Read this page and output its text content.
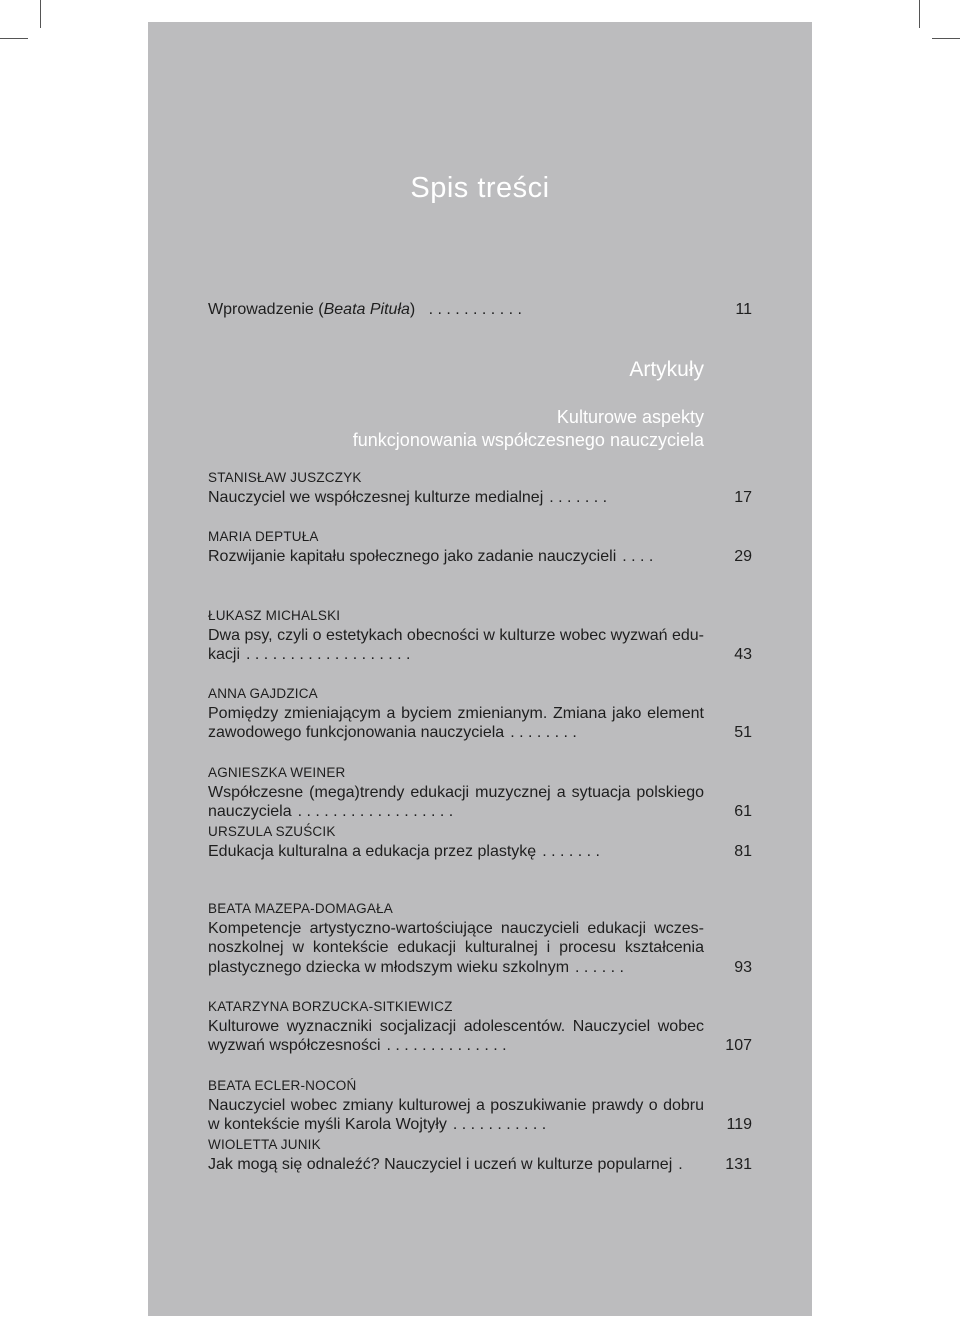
Spis treści
Wprowadzenie (Beata Pituła) . . . . . . . . . . .	11
Artykuły
Kulturowe aspekty
funkcjonowania współczesnego nauczyciela
STANISŁAW JUSZCZYK
Nauczyciel we współczesnej kulturze medialnej . . . . . . .	17
MARIA DEPTUŁA
Rozwijanie kapitału społecznego jako zadanie nauczycieli . . . .	29
ŁUKASZ MICHALSKI
Dwa psy, czyli o estetykach obecności w kulturze wobec wyzwań edu-
kacji . . . . . . . . . . . . . . . . . . .	43
ANNA GAJDZICA
Pomiędzy zmieniającym a byciem zmienianym. Zmiana jako element
zawodowego funkcjonowania nauczyciela . . . . . . . .	51
AGNIESZKA WEINER
Współczesne (mega)trendy edukacji muzycznej a sytuacja polskiego
nauczyciela . . . . . . . . . . . . . . . . . .	61
URSZULA SZUŚCIK
Edukacja kulturalna a edukacja przez plastykę . . . . . . .	81
BEATA MAZEPA-DOMAGAŁA
Kompetencje artystyczno-wartościujące nauczycieli edukacji wczes-
noszkolnej w kontekście edukacji kulturalnej i procesu kształcenia
plastycznego dziecka w młodszym wieku szkolnym . . . . . .	93
KATARZYNA BORZUCKA-SITKIEWICZ
Kulturowe wyznaczniki socjalizacji adolescentów. Nauczyciel wobec
wyzwań współczesności . . . . . . . . . . . . . .	107
BEATA ECLER-NOCOŃ
Nauczyciel wobec zmiany kulturowej a poszukiwanie prawdy o dobru
w kontekście myśli Karola Wojtyły . . . . . . . . . . .	119
WIOLETTA JUNIK
Jak mogą się odnaleźć? Nauczyciel i uczeń w kulturze popularnej .	131
